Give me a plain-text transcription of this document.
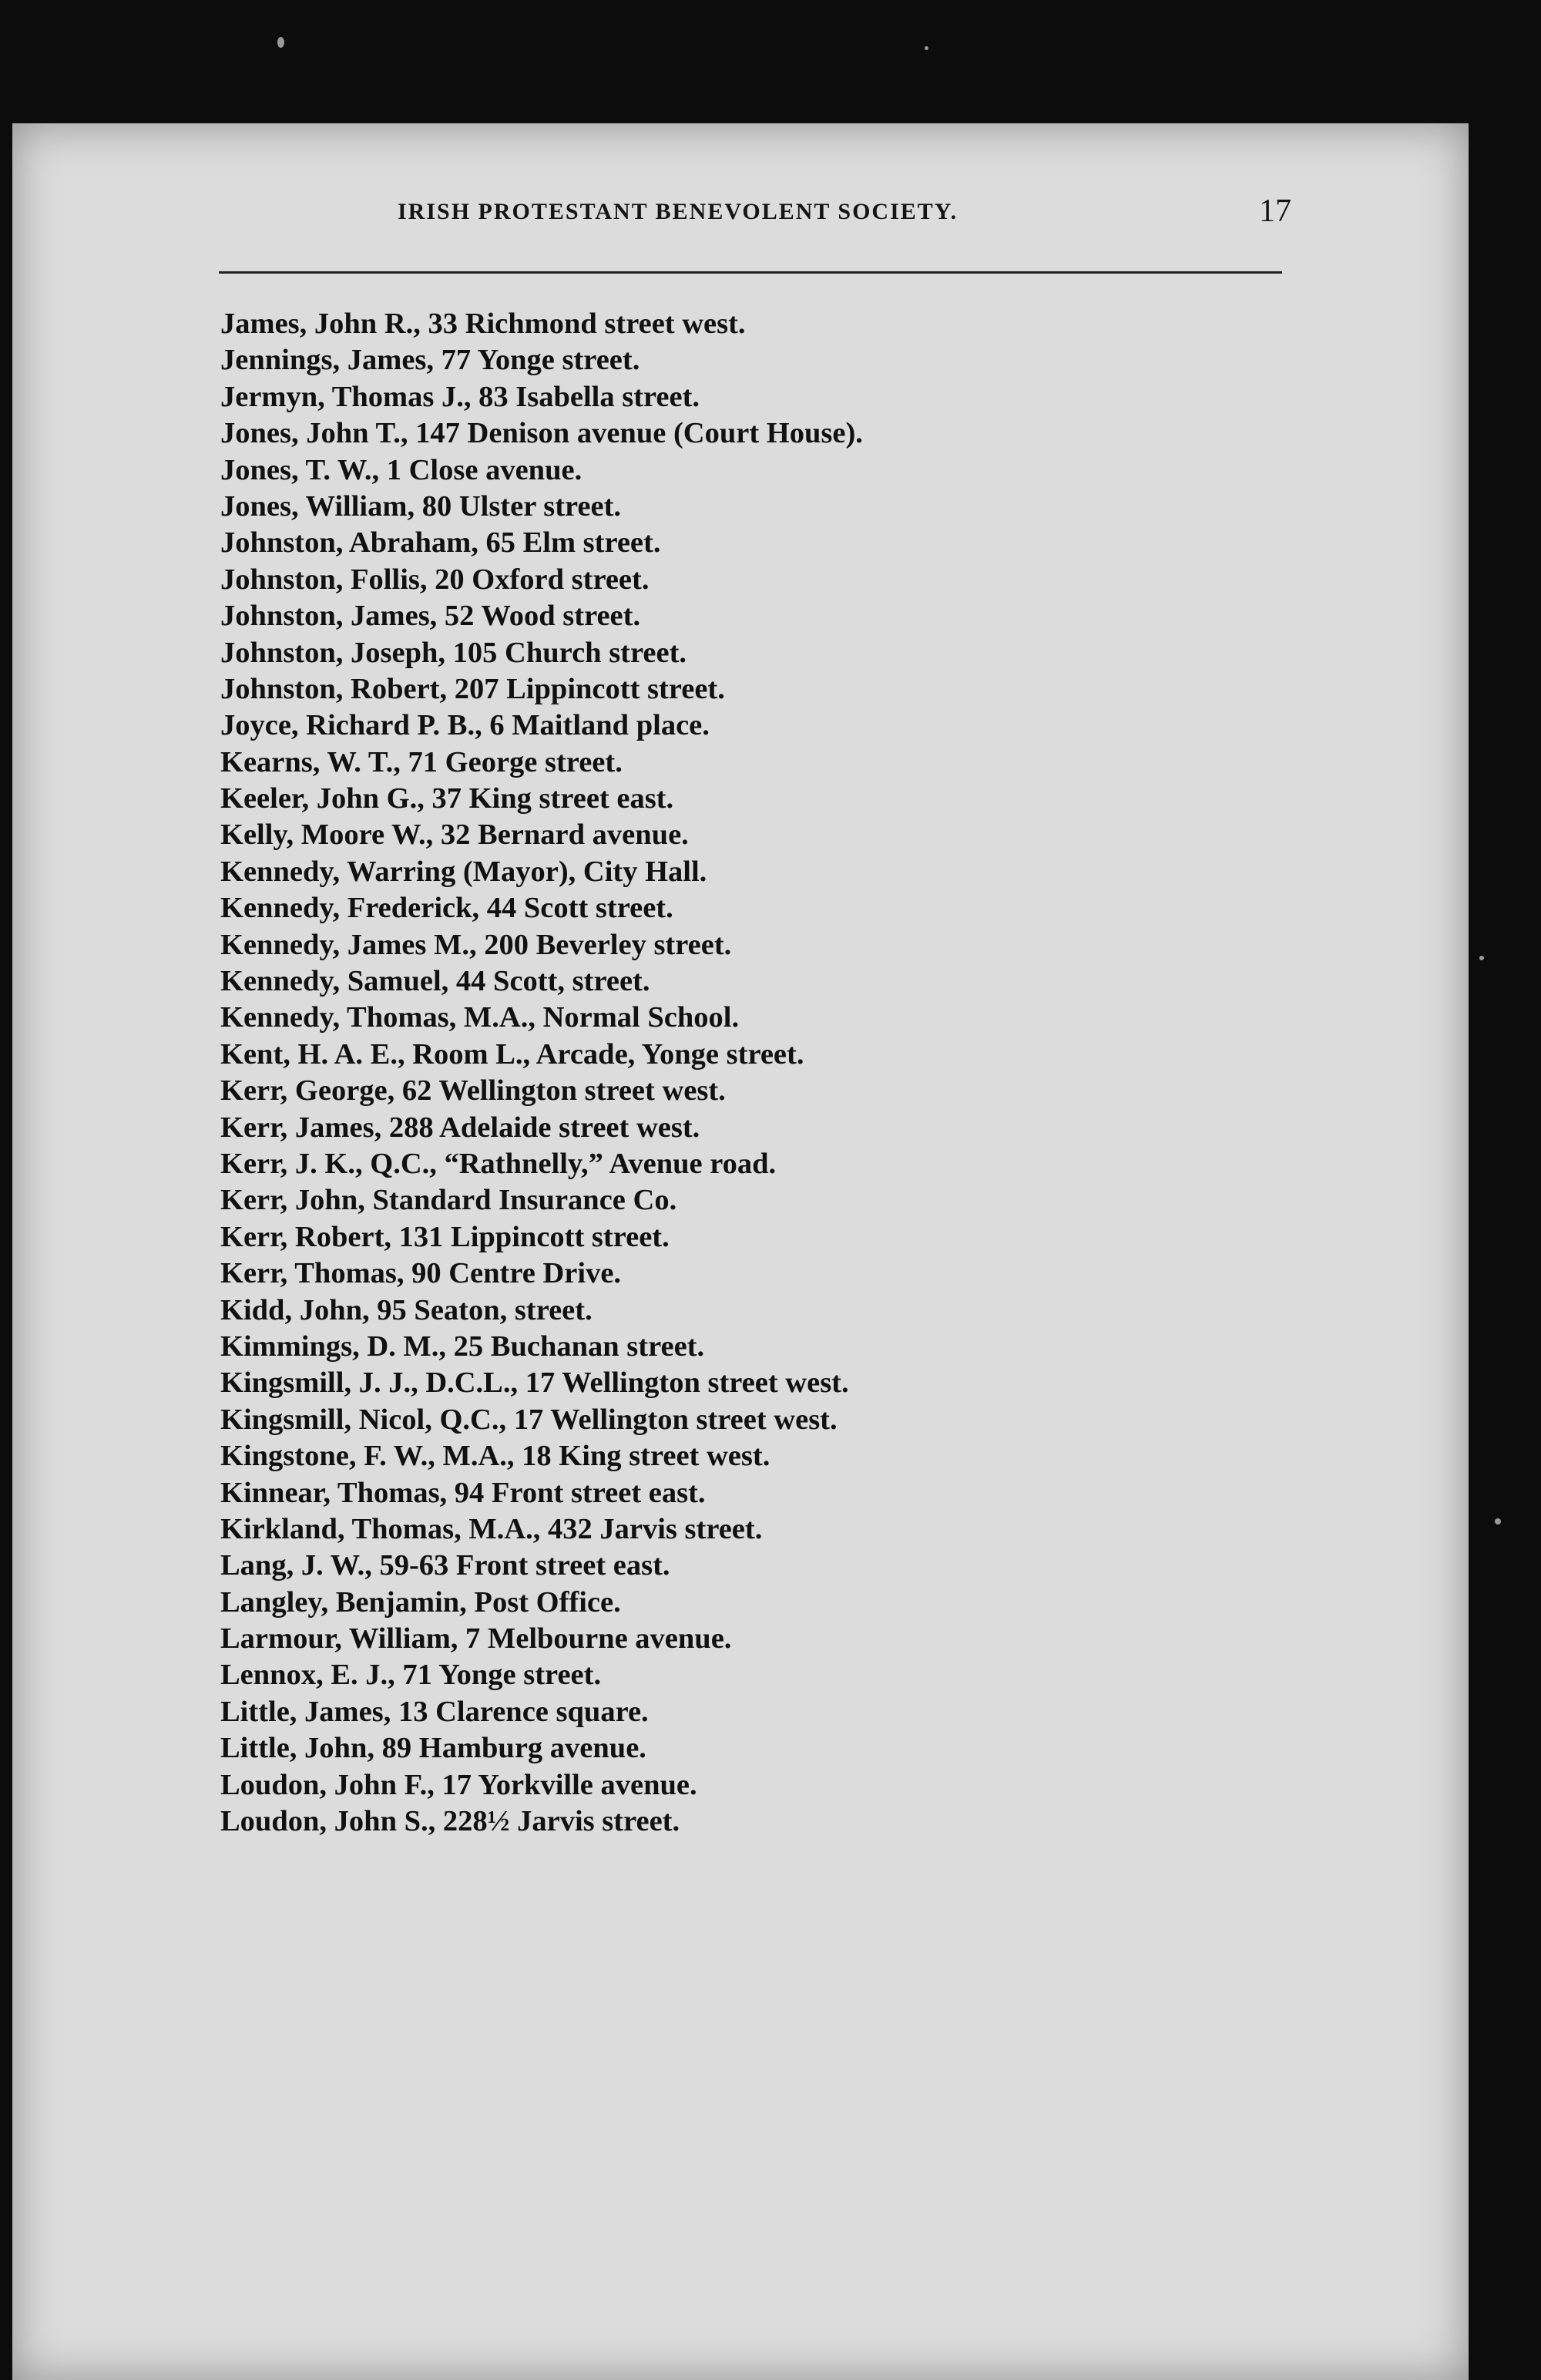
IRISH PROTESTANT BENEVOLENT SOCIETY.	17
James, John R., 33 Richmond street west.
Jennings, James, 77 Yonge street.
Jermyn, Thomas J., 83 Isabella street.
Jones, John T., 147 Denison avenue (Court House).
Jones, T. W., 1 Close avenue.
Jones, William, 80 Ulster street.
Johnston, Abraham, 65 Elm street.
Johnston, Follis, 20 Oxford street.
Johnston, James, 52 Wood street.
Johnston, Joseph, 105 Church street.
Johnston, Robert, 207 Lippincott street.
Joyce, Richard P. B., 6 Maitland place.
Kearns, W. T., 71 George street.
Keeler, John G., 37 King street east.
Kelly, Moore W., 32 Bernard avenue.
Kennedy, Warring (Mayor), City Hall.
Kennedy, Frederick, 44 Scott street.
Kennedy, James M., 200 Beverley street.
Kennedy, Samuel, 44 Scott, street.
Kennedy, Thomas, M.A., Normal School.
Kent, H. A. E., Room L., Arcade, Yonge street.
Kerr, George, 62 Wellington street west.
Kerr, James, 288 Adelaide street west.
Kerr, J. K., Q.C., “Rathnelly,” Avenue road.
Kerr, John, Standard Insurance Co.
Kerr, Robert, 131 Lippincott street.
Kerr, Thomas, 90 Centre Drive.
Kidd, John, 95 Seaton, street.
Kimmings, D. M., 25 Buchanan street.
Kingsmill, J. J., D.C.L., 17 Wellington street west.
Kingsmill, Nicol, Q.C., 17 Wellington street west.
Kingstone, F. W., M.A., 18 King street west.
Kinnear, Thomas, 94 Front street east.
Kirkland, Thomas, M.A., 432 Jarvis street.
Lang, J. W., 59-63 Front street east.
Langley, Benjamin, Post Office.
Larmour, William, 7 Melbourne avenue.
Lennox, E. J., 71 Yonge street.
Little, James, 13 Clarence square.
Little, John, 89 Hamburg avenue.
Loudon, John F., 17 Yorkville avenue.
Loudon, John S., 228½ Jarvis street.
